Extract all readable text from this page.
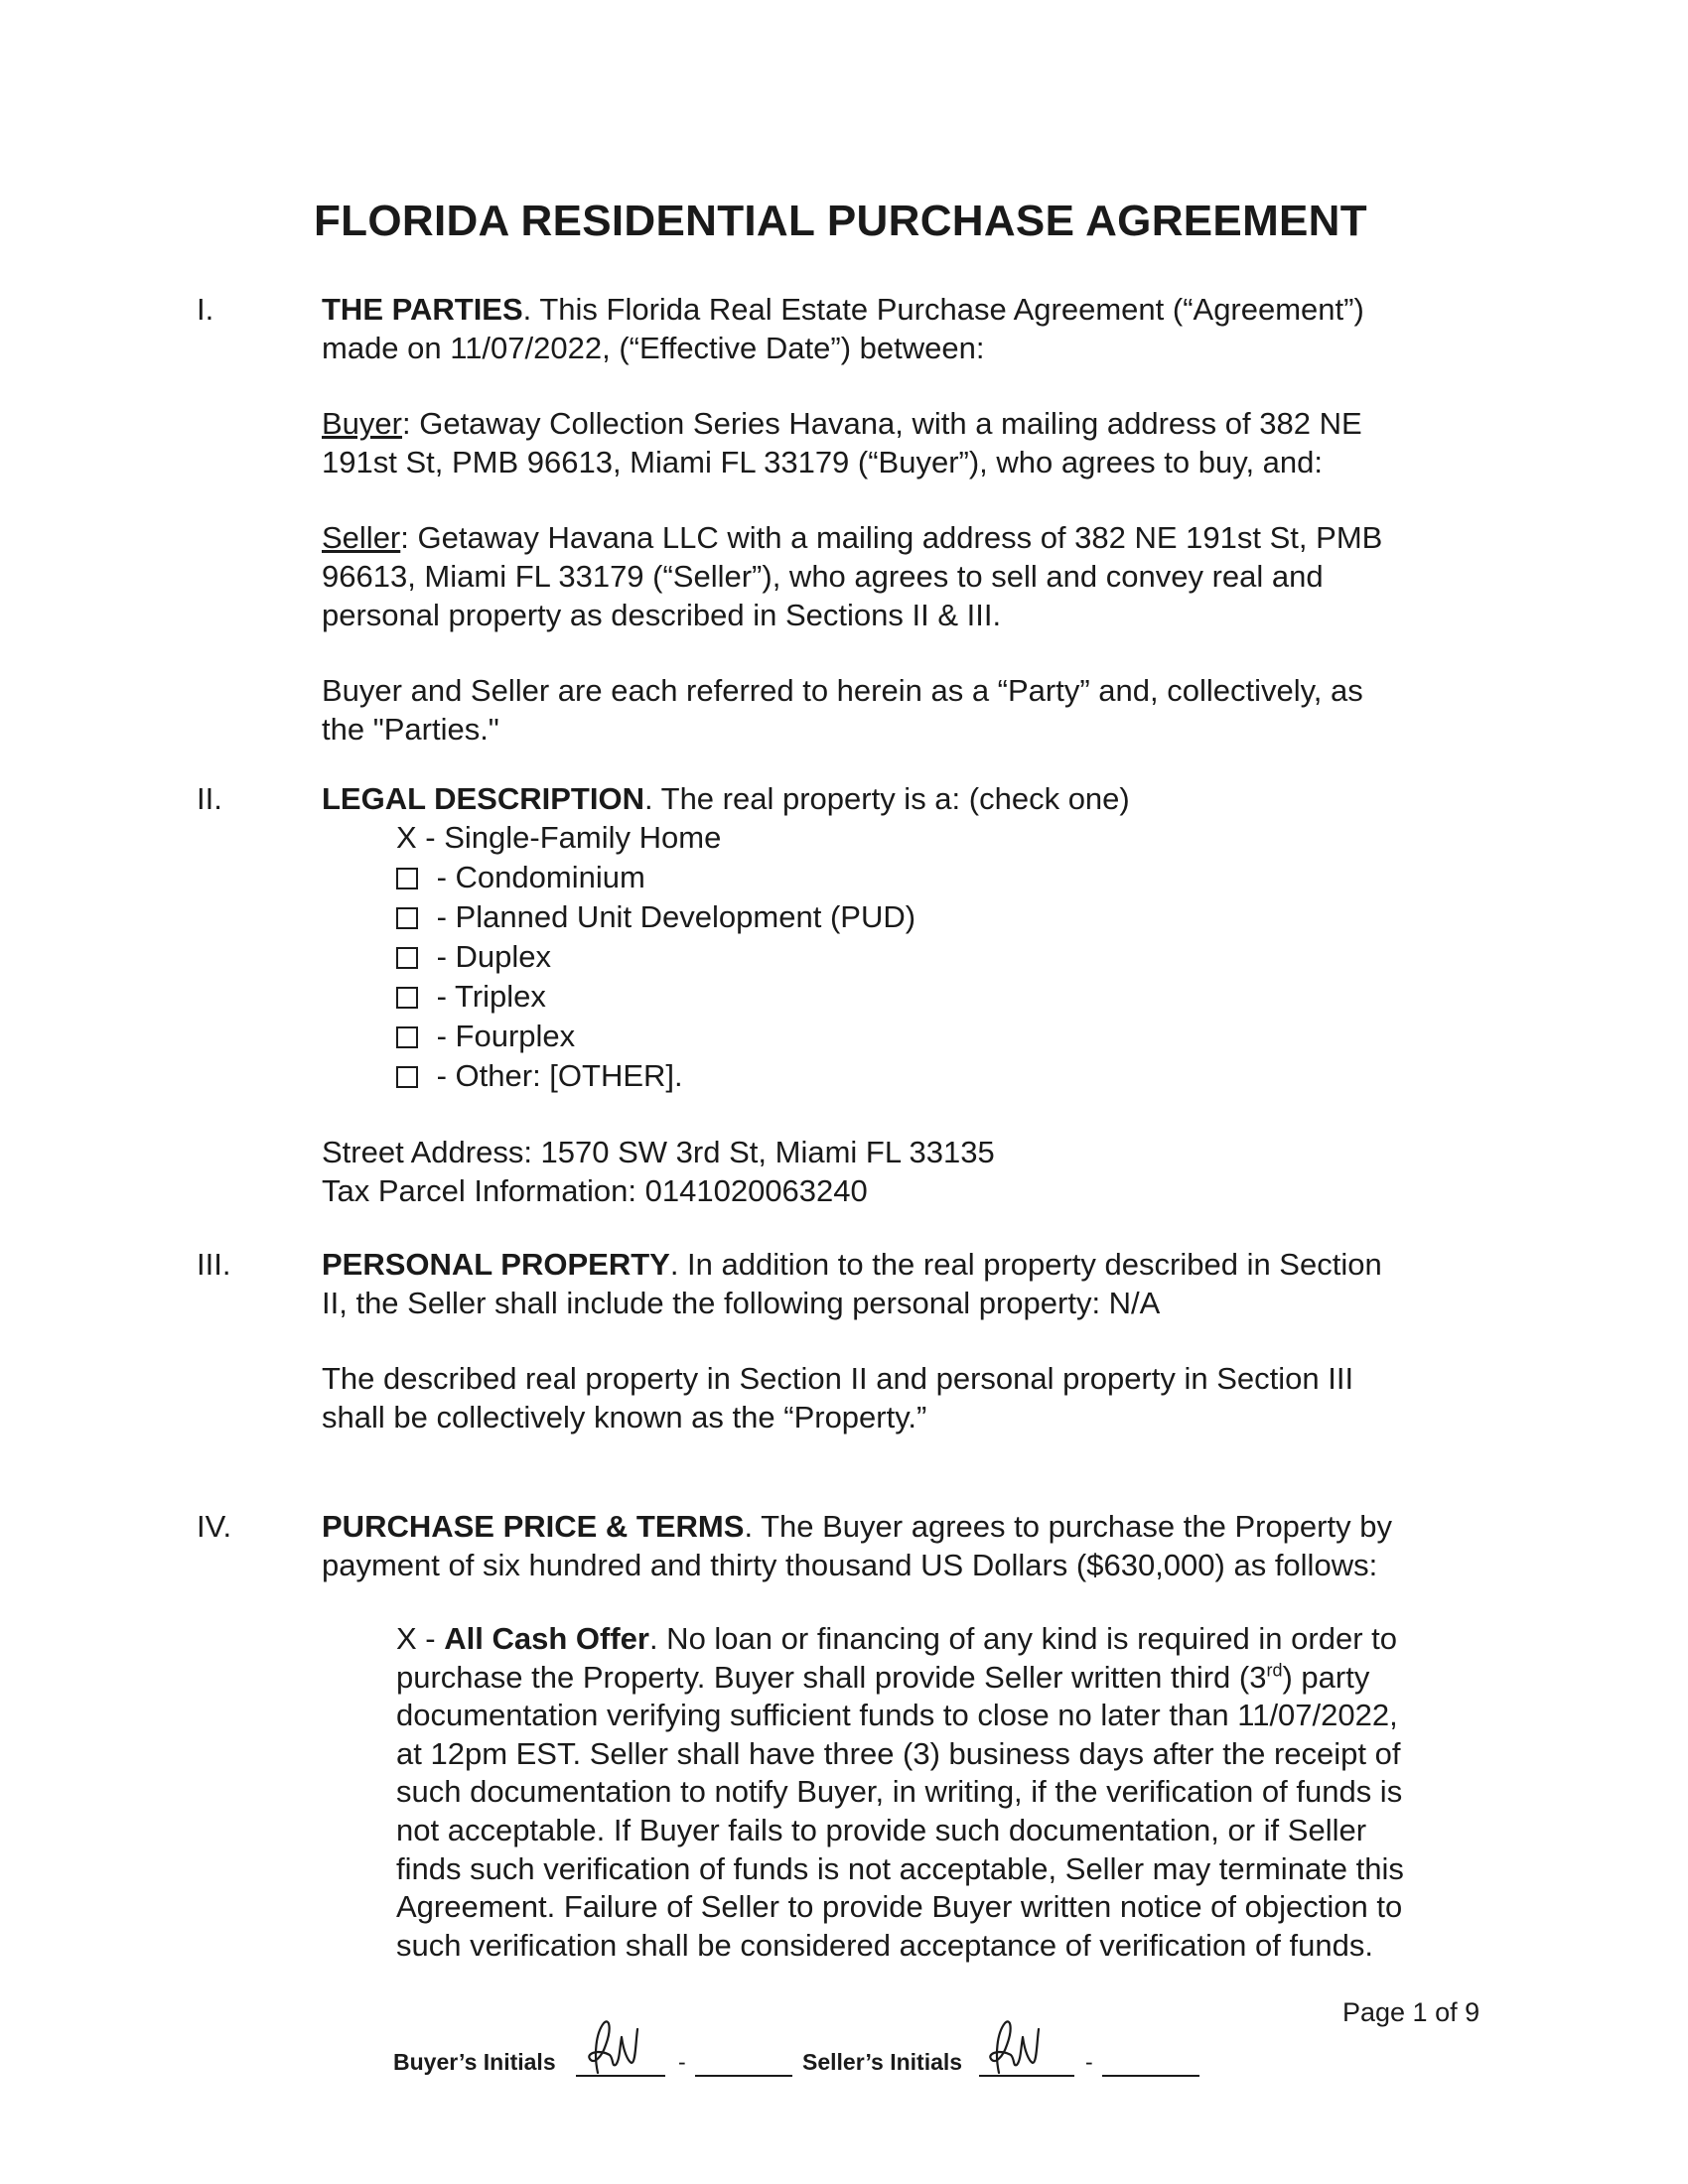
FLORIDA RESIDENTIAL PURCHASE AGREEMENT
I.	THE PARTIES. This Florida Real Estate Purchase Agreement (“Agreement”)

made on 11/07/2022, (“Effective Date”) between:

Buyer: Getaway Collection Series Havana, with a mailing address of 382 NE

191st St, PMB 96613, Miami FL 33179 (“Buyer”), who agrees to buy, and:

Seller: Getaway Havana LLC with a mailing address of 382 NE 191st St, PMB

96613, Miami FL 33179 (“Seller”), who agrees to sell and convey real and

personal property as described in Sections II & III.

Buyer and Seller are each referred to herein as a “Party” and, collectively, as

the "Parties."

II.	LEGAL DESCRIPTION. The real property is a: (check one)

X - Single-Family Home
- Condominium
- Planned Unit Development (PUD)
- Duplex
- Triplex
- Fourplex
- Other: [OTHER].

Street Address: 1570 SW 3rd St, Miami FL 33135

Tax Parcel Information: 0141020063240

III.	PERSONAL PROPERTY. In addition to the real property described in Section

II, the Seller shall include the following personal property: N/A

The described real property in Section II and personal property in Section III

shall be collectively known as the “Property.”

IV.	PURCHASE PRICE & TERMS. The Buyer agrees to purchase the Property by

payment of six hundred and thirty thousand US Dollars ($630,000) as follows:

X - All Cash Offer. No loan or financing of any kind is required in order to
purchase the Property. Buyer shall provide Seller written third (3rd) party
documentation verifying sufficient funds to close no later than 11/07/2022,
at 12pm EST. Seller shall have three (3) business days after the receipt of
such documentation to notify Buyer, in writing, if the verification of funds is
not acceptable. If Buyer fails to provide such documentation, or if Seller
finds such verification of funds is not acceptable, Seller may terminate this
Agreement. Failure of Seller to provide Buyer written notice of objection to
such verification shall be considered acceptance of verification of funds.
Buyer’s Initials	-	Seller’s Initials	-
Page 1 of 9
